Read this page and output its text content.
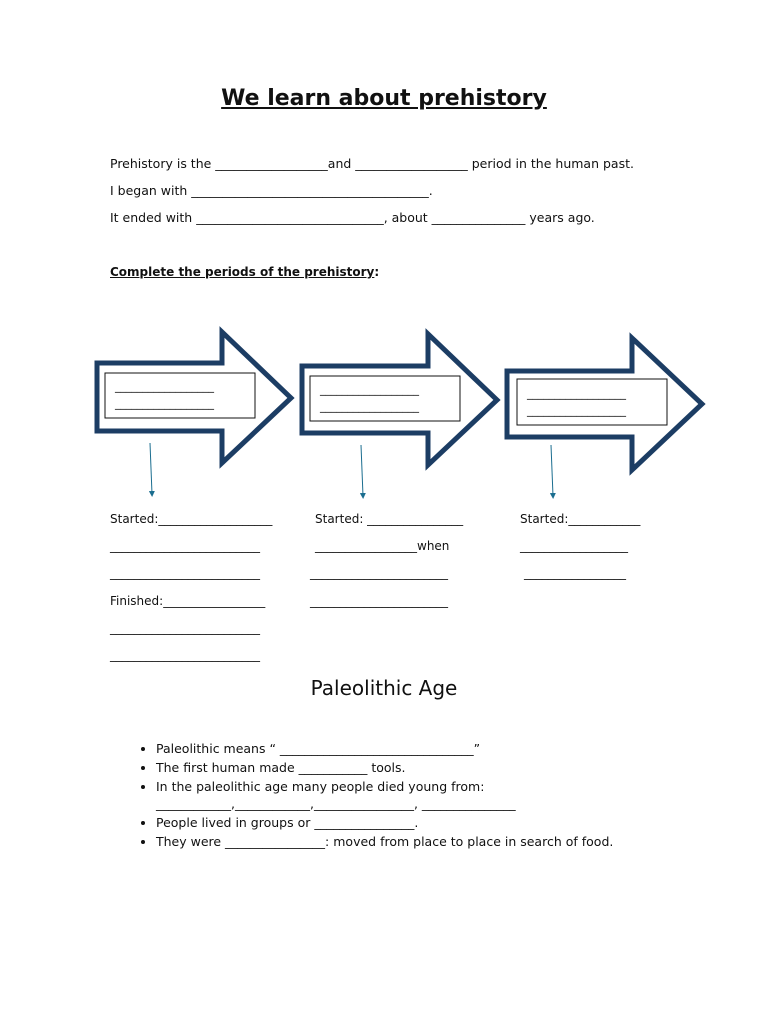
We learn about prehistory
Prehistory is the __________________and __________________ period in the human past.
I began with ______________________________________.
It ended with ______________________________, about _______________ years ago.
Complete the periods of the prehistory:
__________________
__________________
__________________
__________________
__________________
__________________
Started:___________________
_________________________
_________________________
Finished:_________________
_________________________
_________________________
Started: ________________
_________________when
_______________________
_______________________
Started:____________
__________________
_________________
Paleolithic Age
• Paleolithic means “ _______________________________”
• The first human made ___________ tools.
• In the paleolithic age many people died young from:
____________,____________,________________, _______________
• People lived in groups or ________________.
• They were ________________: moved from place to place in search of food.
